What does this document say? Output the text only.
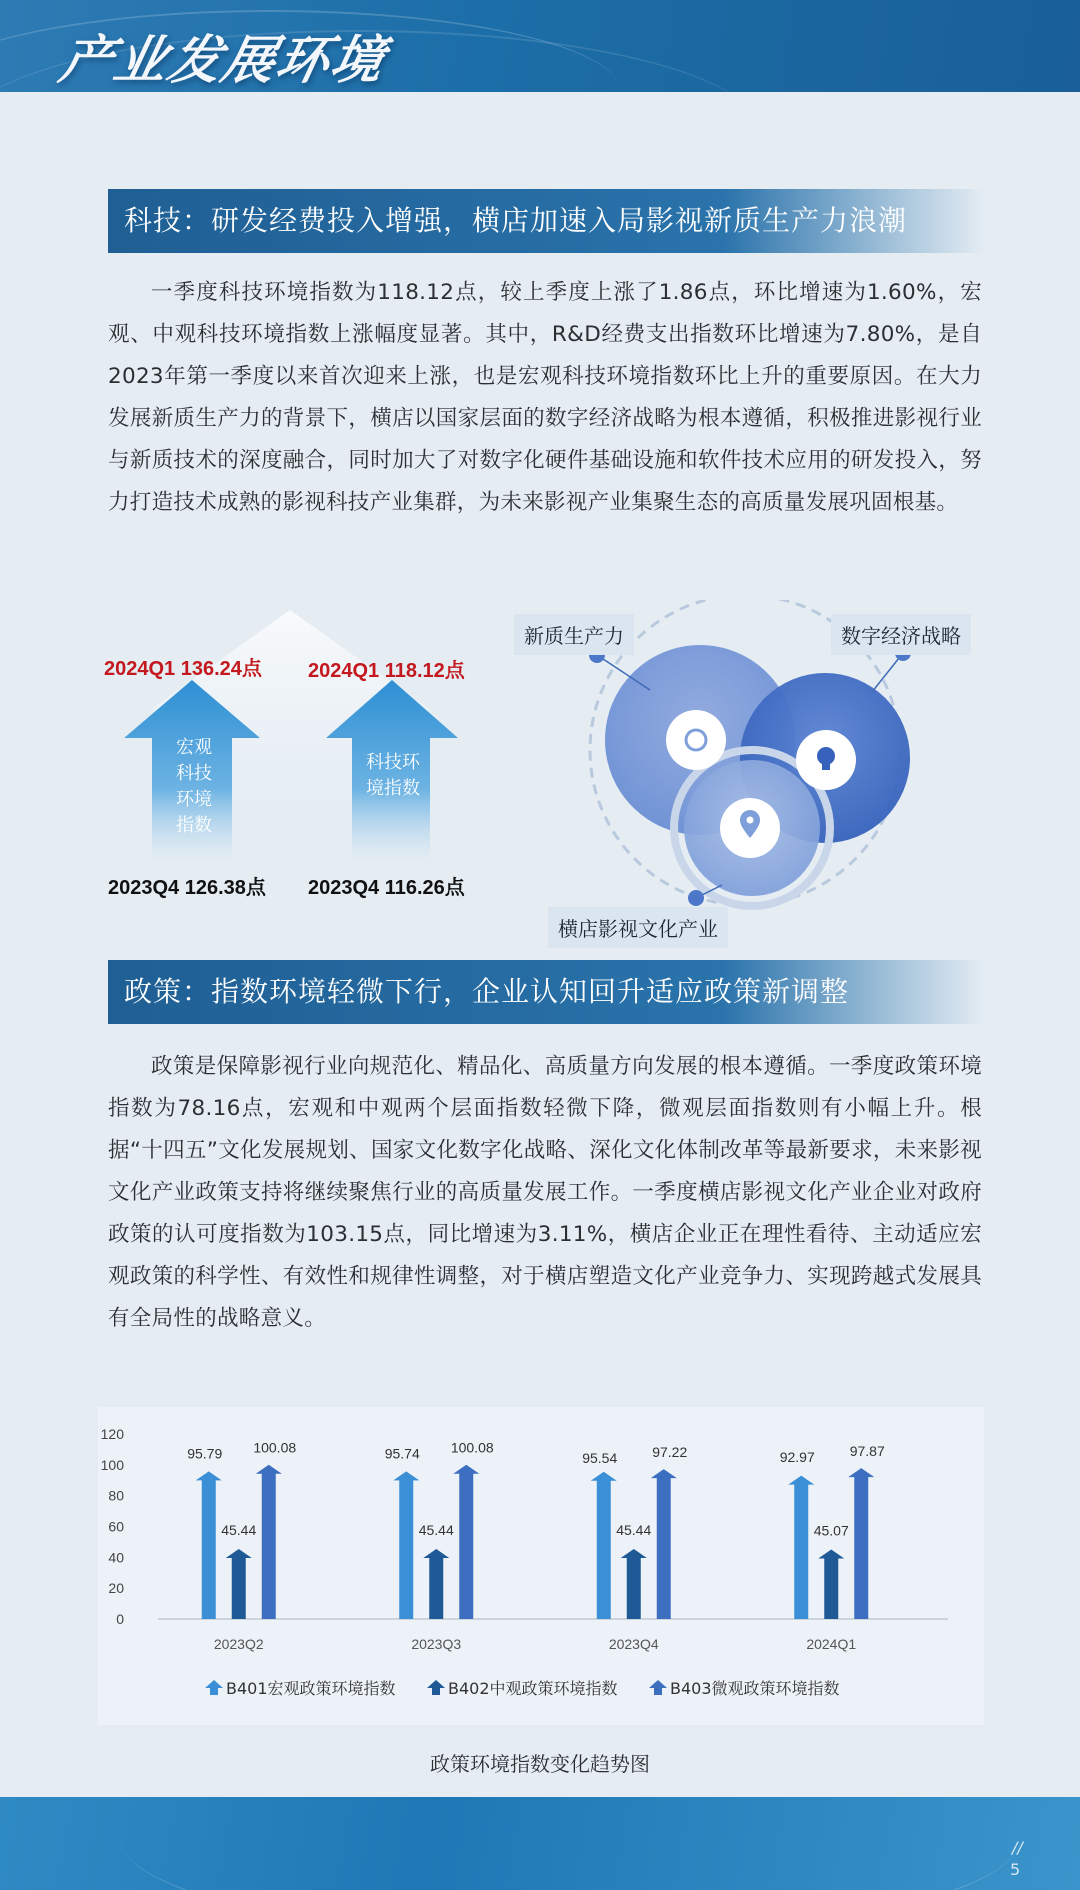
产业发展环境
科技：研发经费投入增强，横店加速入局影视新质生产力浪潮
一季度科技环境指数为118.12点，较上季度上涨了1.86点，环比增速为1.60%，宏观、中观科技环境指数上涨幅度显著。其中，R&D经费支出指数环比增速为7.80%，是自2023年第一季度以来首次迎来上涨，也是宏观科技环境指数环比上升的重要原因。在大力发展新质生产力的背景下，横店以国家层面的数字经济战略为根本遵循，积极推进影视行业与新质技术的深度融合，同时加大了对数字化硬件基础设施和软件技术应用的研发投入，努力打造技术成熟的影视科技产业集群，为未来影视产业集聚生态的高质量发展巩固根基。
2024Q1 136.24点 2024Q1 118.12点
宏观
科技
环境
指数
科技环
境指数
2023Q4 126.38点 2023Q4 116.26点
新质生产力	数字经济战略
横店影视文化产业
政策：指数环境轻微下行，企业认知回升适应政策新调整
政策是保障影视行业向规范化、精品化、高质量方向发展的根本遵循。一季度政策环境指数为78.16点，宏观和中观两个层面指数轻微下降，微观层面指数则有小幅上升。根据“十四五”文化发展规划、国家文化数字化战略、深化文化体制改革等最新要求，未来影视文化产业政策支持将继续聚焦行业的高质量发展工作。一季度横店影视文化产业企业对政府政策的认可度指数为103.15点，同比增速为3.11%，横店企业正在理性看待、主动适应宏观政策的科学性、有效性和规律性调整，对于横店塑造文化产业竞争力、实现跨越式发展具有全局性的战略意义。
0
20
40
60
80
100
120
2023Q2
95.79
45.44
100.08
2023Q3
95.74
45.44
100.08
2023Q4
95.54
45.44
97.22
2024Q1
92.97
45.07
97.87
B401宏观政策环境指数	B402中观政策环境指数	B403微观政策环境指数
政策环境指数变化趋势图
//
5
